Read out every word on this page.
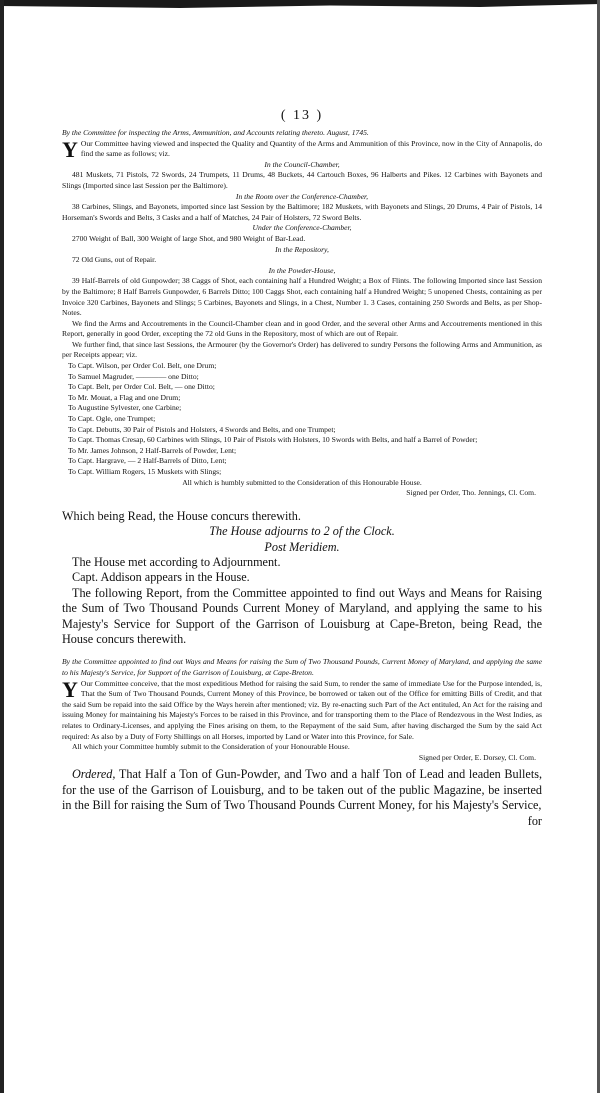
( 13 )

By the Committee for inspecting the Arms, Ammunition, and Accounts relating thereto. August, 1745.

Y Our Committee having viewed and inspected the Quality and Quantity of the Arms and Ammunition of this Province, now in the City of Annapolis, do find the same as follows; viz.

In the Council-Chamber,

481 Muskets, 71 Pistols, 72 Swords, 24 Trumpets, 11 Drums, 48 Buckets, 44 Cartouch Boxes, 96 Halberts and Pikes. 12 Carbines with Bayonets and Slings (Imported since last Session per the Baltimore).

In the Room over the Conference-Chamber,

38 Carbines, Slings, and Bayonets, imported since last Session by the Baltimore; 182 Muskets, with Bayonets and Slings, 20 Drums, 4 Pair of Pistols, 14 Horseman's Swords and Belts, 3 Casks and a half of Matches, 24 Pair of Holsters, 72 Sword Belts.

Under the Conference-Chamber,

2700 Weight of Ball, 300 Weight of large Shot, and 980 Weight of Bar-Lead.

In the Repository,

72 Old Guns, out of Repair.

In the Powder-House,

39 Half-Barrels of old Gunpowder; 38 Caggs of Shot, each containing half a Hundred Weight; a Box of Flints. The following Imported since last Session by the Baltimore; 8 Half Barrels Gunpowder, 6 Barrels Ditto; 100 Caggs Shot, each containing half a Hundred Weight; 5 unopened Chests, containing as per Invoice 320 Carbines, Bayonets and Slings; 5 Carbines, Bayonets and Slings, in a Chest, Number 1. 3 Cases, containing 250 Swords and Belts, as per Shop-Notes.

We find the Arms and Accoutrements in the Council-Chamber clean and in good Order, and the several other Arms and Accoutrements mentioned in this Report, generally in good Order, excepting the 72 old Guns in the Repository, most of which are out of Repair.

We further find, that since last Sessions, the Armourer (by the Governor's Order) has delivered to sundry Persons the following Arms and Ammunition, as per Receipts appear; viz.

To Capt. Wilson, per Order Col. Belt, one Drum;

To Samuel Magruder, ———— one Ditto;

To Capt. Belt, per Order Col. Belt, — one Ditto;

To Mr. Mouat, a Flag and one Drum;

To Augustine Sylvester, one Carbine;

To Capt. Ogle, one Trumpet;

To Capt. Debutts, 30 Pair of Pistols and Holsters, 4 Swords and Belts, and one Trumpet;

To Capt. Thomas Cresap, 60 Carbines with Slings, 10 Pair of Pistols with Holsters, 10 Swords with Belts, and half a Barrel of Powder;

To Mr. James Johnson, 2 Half-Barrels of Powder, Lent;

To Capt. Hargrave, — 2 Half-Barrels of Ditto, Lent;

To Capt. William Rogers, 15 Muskets with Slings;

All which is humbly submitted to the Consideration of this Honourable House.

Signed per Order, Tho. Jennings, Cl. Com.

Which being Read, the House concurs therewith.

The House adjourns to 2 of the Clock.

Post Meridiem.

The House met according to Adjournment.

Capt. Addison appears in the House.

The following Report, from the Committee appointed to find out Ways and Means for Raising the Sum of Two Thousand Pounds Current Money of Maryland, and applying the same to his Majesty's Service for Support of the Garrison of Louisburg at Cape-Breton, being Read, the House concurs therewith.

By the Committee appointed to find out Ways and Means for raising the Sum of Two Thousand Pounds, Current Money of Maryland, and applying the same to his Majesty's Service, for Support of the Garrison of Louisburg, at Cape-Breton.

Y Our Committee conceive, that the most expeditious Method for raising the said Sum, to render the same of immediate Use for the Purpose intended, is, That the Sum of Two Thousand Pounds, Current Money of this Province, be borrowed or taken out of the Office for emitting Bills of Credit, and that the said Sum be repaid into the said Office by the Ways herein after mentioned; viz. By re-enacting such Part of the Act entituled, An Act for the raising and issuing Money for maintaining his Majesty's Forces to be raised in this Province, and for transporting them to the Place of Rendezvous in the West Indies, as relates to Ordinary-Licenses, and applying the Fines arising on them, to the Repayment of the said Sum, after having discharged the Sum by the said Act required: As also by a Duty of Forty Shillings on all Horses, imported by Land or Water into this Province, for Sale.

All which your Committee humbly submit to the Consideration of your Honourable House.

Signed per Order, E. Dorsey, Cl. Com.

Ordered, That Half a Ton of Gun-Powder, and Two and a half Ton of Lead and leaden Bullets, for the use of the Garrison of Louisburg, and to be taken out of the public Magazine, be inserted in the Bill for raising the Sum of Two Thousand Pounds Current Money, for his Majesty's Service,

for
